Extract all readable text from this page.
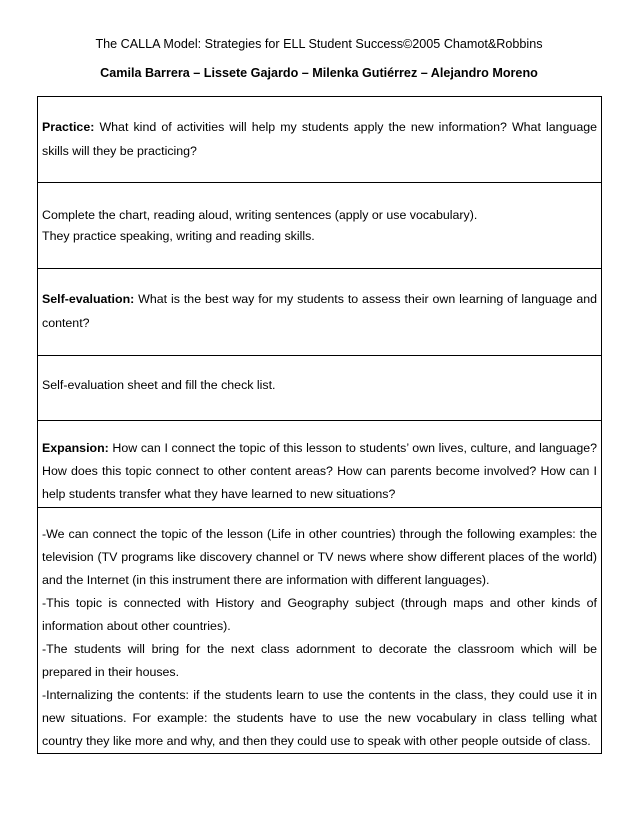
The CALLA Model: Strategies for ELL Student Success©2005 Chamot&Robbins
Camila Barrera – Lissete Gajardo – Milenka Gutiérrez – Alejandro Moreno

Practice: What kind of activities will help my students apply the new information? What language skills will they be practicing?

Complete the chart, reading aloud, writing sentences (apply or use vocabulary).

They practice speaking, writing and reading skills.

Self-evaluation: What is the best way for my students to assess their own learning of language and content?

Self-evaluation sheet and fill the check list.

Expansion: How can I connect the topic of this lesson to students’ own lives, culture, and language? How does this topic connect to other content areas? How can parents become involved? How can I help students transfer what they have learned to new situations?

-We can connect the topic of the lesson (Life in other countries) through the following examples: the television (TV programs like discovery channel or TV news where show different places of the world) and the Internet (in this instrument there are information with different languages).

-This topic is connected with History and Geography subject (through maps and other kinds of information about other countries).

-The students will bring for the next class adornment to decorate the classroom which will be prepared in their houses.

-Internalizing the contents: if the students learn to use the contents in the class, they could use it in new situations. For example: the students have to use the new vocabulary in class telling what country they like more and why, and then they could use to speak with other people outside of class.
